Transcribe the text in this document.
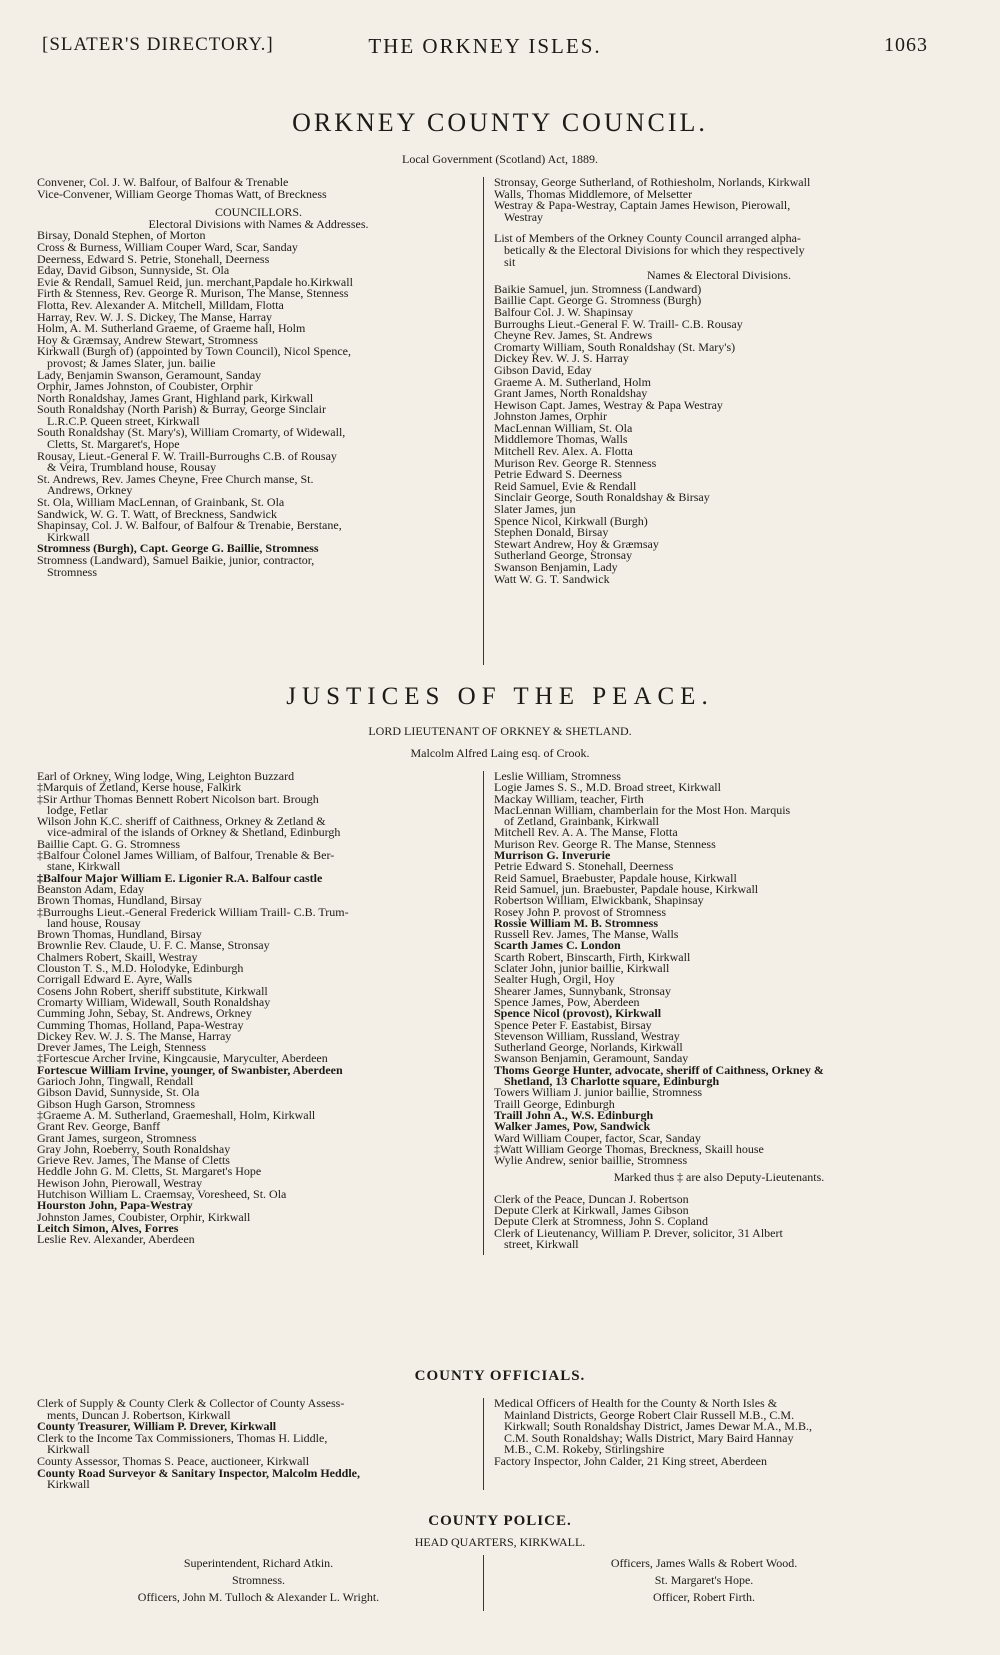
[SLATER'S DIRECTORY.]	THE ORKNEY ISLES.	1063
ORKNEY COUNTY COUNCIL.
Local Government (Scotland) Act, 1889.

Convener, Col. J. W. Balfour, of Balfour & Trenable

Vice-Convener, William George Thomas Watt, of Breckness

COUNCILLORS.

Electoral Divisions with Names & Addresses.

Birsay, Donald Stephen, of Morton

Cross & Burness, William Couper Ward, Scar, Sanday

Deerness, Edward S. Petrie, Stonehall, Deerness

Eday, David Gibson, Sunnyside, St. Ola

Evie & Rendall, Samuel Reid, jun. merchant,Papdale ho.Kirkwall

Firth & Stenness, Rev. George R. Murison, The Manse, Stenness

Flotta, Rev. Alexander A. Mitchell, Milldam, Flotta

Harray, Rev. W. J. S. Dickey, The Manse, Harray

Holm, A. M. Sutherland Graeme, of Graeme hall, Holm

Hoy & Græmsay, Andrew Stewart, Stromness

Kirkwall (Burgh of) (appointed by Town Council), Nicol Spence,

provost; & James Slater, jun. bailie

Lady, Benjamin Swanson, Geramount, Sanday

Orphir, James Johnston, of Coubister, Orphir

North Ronaldshay, James Grant, Highland park, Kirkwall

South Ronaldshay (North Parish) & Burray, George Sinclair

L.R.C.P. Queen street, Kirkwall

South Ronaldshay (St. Mary's), William Cromarty, of Widewall,

Cletts, St. Margaret's, Hope

Rousay, Lieut.-General F. W. Traill-Burroughs C.B. of Rousay

& Veira, Trumbland house, Rousay

St. Andrews, Rev. James Cheyne, Free Church manse, St.

Andrews, Orkney

St. Ola, William MacLennan, of Grainbank, St. Ola

Sandwick, W. G. T. Watt, of Breckness, Sandwick

Shapinsay, Col. J. W. Balfour, of Balfour & Trenabie, Berstane,

Kirkwall

Stromness (Burgh), Capt. George G. Baillie, Stromness

Stromness (Landward), Samuel Baikie, junior, contractor,

Stromness

Stronsay, George Sutherland, of Rothiesholm, Norlands, Kirkwall

Walls, Thomas Middlemore, of Melsetter

Westray & Papa-Westray, Captain James Hewison, Pierowall,

Westray

List of Members of the Orkney County Council arranged alpha-

betically & the Electoral Divisions for which they respectively

sit

Names & Electoral Divisions.

Baikie Samuel, jun. Stromness (Landward)

Baillie Capt. George G. Stromness (Burgh)

Balfour Col. J. W. Shapinsay

Burroughs Lieut.-General F. W. Traill- C.B. Rousay

Cheyne Rev. James, St. Andrews

Cromarty William, South Ronaldshay (St. Mary's)

Dickey Rev. W. J. S. Harray

Gibson David, Eday

Graeme A. M. Sutherland, Holm

Grant James, North Ronaldshay

Hewison Capt. James, Westray & Papa Westray

Johnston James, Orphir

MacLennan William, St. Ola

Middlemore Thomas, Walls

Mitchell Rev. Alex. A. Flotta

Murison Rev. George R. Stenness

Petrie Edward S. Deerness

Reid Samuel, Evie & Rendall

Sinclair George, South Ronaldshay & Birsay

Slater James, jun

Spence Nicol, Kirkwall (Burgh)

Stephen Donald, Birsay

Stewart Andrew, Hoy & Græmsay

Sutherland George, Stronsay

Swanson Benjamin, Lady

Watt W. G. T. Sandwick

JUSTICES OF THE PEACE.
LORD LIEUTENANT OF ORKNEY & SHETLAND.
Malcolm Alfred Laing esq. of Crook.

Earl of Orkney, Wing lodge, Wing, Leighton Buzzard

‡Marquis of Zetland, Kerse house, Falkirk

‡Sir Arthur Thomas Bennett Robert Nicolson bart. Brough

lodge, Fetlar

Wilson John K.C. sheriff of Caithness, Orkney & Zetland &

vice-admiral of the islands of Orkney & Shetland, Edinburgh

Baillie Capt. G. G. Stromness

‡Balfour Colonel James William, of Balfour, Trenable & Ber-

stane, Kirkwall

‡Balfour Major William E. Ligonier R.A. Balfour castle

Beanston Adam, Eday

Brown Thomas, Hundland, Birsay

‡Burroughs Lieut.-General Frederick William Traill- C.B. Trum-

land house, Rousay

Brown Thomas, Hundland, Birsay

Brownlie Rev. Claude, U. F. C. Manse, Stronsay

Chalmers Robert, Skaill, Westray

Clouston T. S., M.D. Holodyke, Edinburgh

Corrigall Edward E. Ayre, Walls

Cosens John Robert, sheriff substitute, Kirkwall

Cromarty William, Widewall, South Ronaldshay

Cumming John, Sebay, St. Andrews, Orkney

Cumming Thomas, Holland, Papa-Westray

Dickey Rev. W. J. S. The Manse, Harray

Drever James, The Leigh, Stenness

‡Fortescue Archer Irvine, Kingcausie, Maryculter, Aberdeen

Fortescue William Irvine, younger, of Swanbister, Aberdeen

Garioch John, Tingwall, Rendall

Gibson David, Sunnyside, St. Ola

Gibson Hugh Garson, Stromness

‡Graeme A. M. Sutherland, Graemeshall, Holm, Kirkwall

Grant Rev. George, Banff

Grant James, surgeon, Stromness

Gray John, Roeberry, South Ronaldshay

Grieve Rev. James, The Manse of Cletts

Heddle John G. M. Cletts, St. Margaret's Hope

Hewison John, Pierowall, Westray

Hutchison William L. Craemsay, Voresheed, St. Ola

Hourston John, Papa-Westray

Johnston James, Coubister, Orphir, Kirkwall

Leitch Simon, Alves, Forres

Leslie Rev. Alexander, Aberdeen

Leslie William, Stromness

Logie James S. S., M.D. Broad street, Kirkwall

Mackay William, teacher, Firth

MacLennan William, chamberlain for the Most Hon. Marquis

of Zetland, Grainbank, Kirkwall

Mitchell Rev. A. A. The Manse, Flotta

Murison Rev. George R. The Manse, Stenness

Murrison G. Inverurie

Petrie Edward S. Stonehall, Deerness

Reid Samuel, Braebuster, Papdale house, Kirkwall

Reid Samuel, jun. Braebuster, Papdale house, Kirkwall

Robertson William, Elwickbank, Shapinsay

Rosey John P. provost of Stromness

Rossie William M. B. Stromness

Russell Rev. James, The Manse, Walls

Scarth James C. London

Scarth Robert, Binscarth, Firth, Kirkwall

Sclater John, junior baillie, Kirkwall

Sealter Hugh, Orgil, Hoy

Shearer James, Sunnybank, Stronsay

Spence James, Pow, Aberdeen

Spence Nicol (provost), Kirkwall

Spence Peter F. Eastabist, Birsay

Stevenson William, Russland, Westray

Sutherland George, Norlands, Kirkwall

Swanson Benjamin, Geramount, Sanday

Thoms George Hunter, advocate, sheriff of Caithness, Orkney &

Shetland, 13 Charlotte square, Edinburgh

Towers William J. junior baillie, Stromness

Traill George, Edinburgh

Traill John A., W.S. Edinburgh

Walker James, Pow, Sandwick

Ward William Couper, factor, Scar, Sanday

‡Watt William George Thomas, Breckness, Skaill house

Wylie Andrew, senior baillie, Stromness

Marked thus ‡ are also Deputy-Lieutenants.

Clerk of the Peace, Duncan J. Robertson

Depute Clerk at Kirkwall, James Gibson

Depute Clerk at Stromness, John S. Copland

Clerk of Lieutenancy, William P. Drever, solicitor, 31 Albert

street, Kirkwall

COUNTY OFFICIALS.

Clerk of Supply & County Clerk & Collector of County Assess-

ments, Duncan J. Robertson, Kirkwall

County Treasurer, William P. Drever, Kirkwall

Clerk to the Income Tax Commissioners, Thomas H. Liddle,

Kirkwall

County Assessor, Thomas S. Peace, auctioneer, Kirkwall

County Road Surveyor & Sanitary Inspector, Malcolm Heddle,

Kirkwall

Medical Officers of Health for the County & North Isles &

Mainland Districts, George Robert Clair Russell M.B., C.M.

Kirkwall; South Ronaldshay District, James Dewar M.A., M.B.,

C.M. South Ronaldshay; Walls District, Mary Baird Hannay

M.B., C.M. Rokeby, Stirlingshire

Factory Inspector, John Calder, 21 King street, Aberdeen

COUNTY POLICE.
HEAD QUARTERS, KIRKWALL.

Superintendent, Richard Atkin.

Stromness.

Officers, John M. Tulloch & Alexander L. Wright.

Officers, James Walls & Robert Wood.

St. Margaret's Hope.

Officer, Robert Firth.
